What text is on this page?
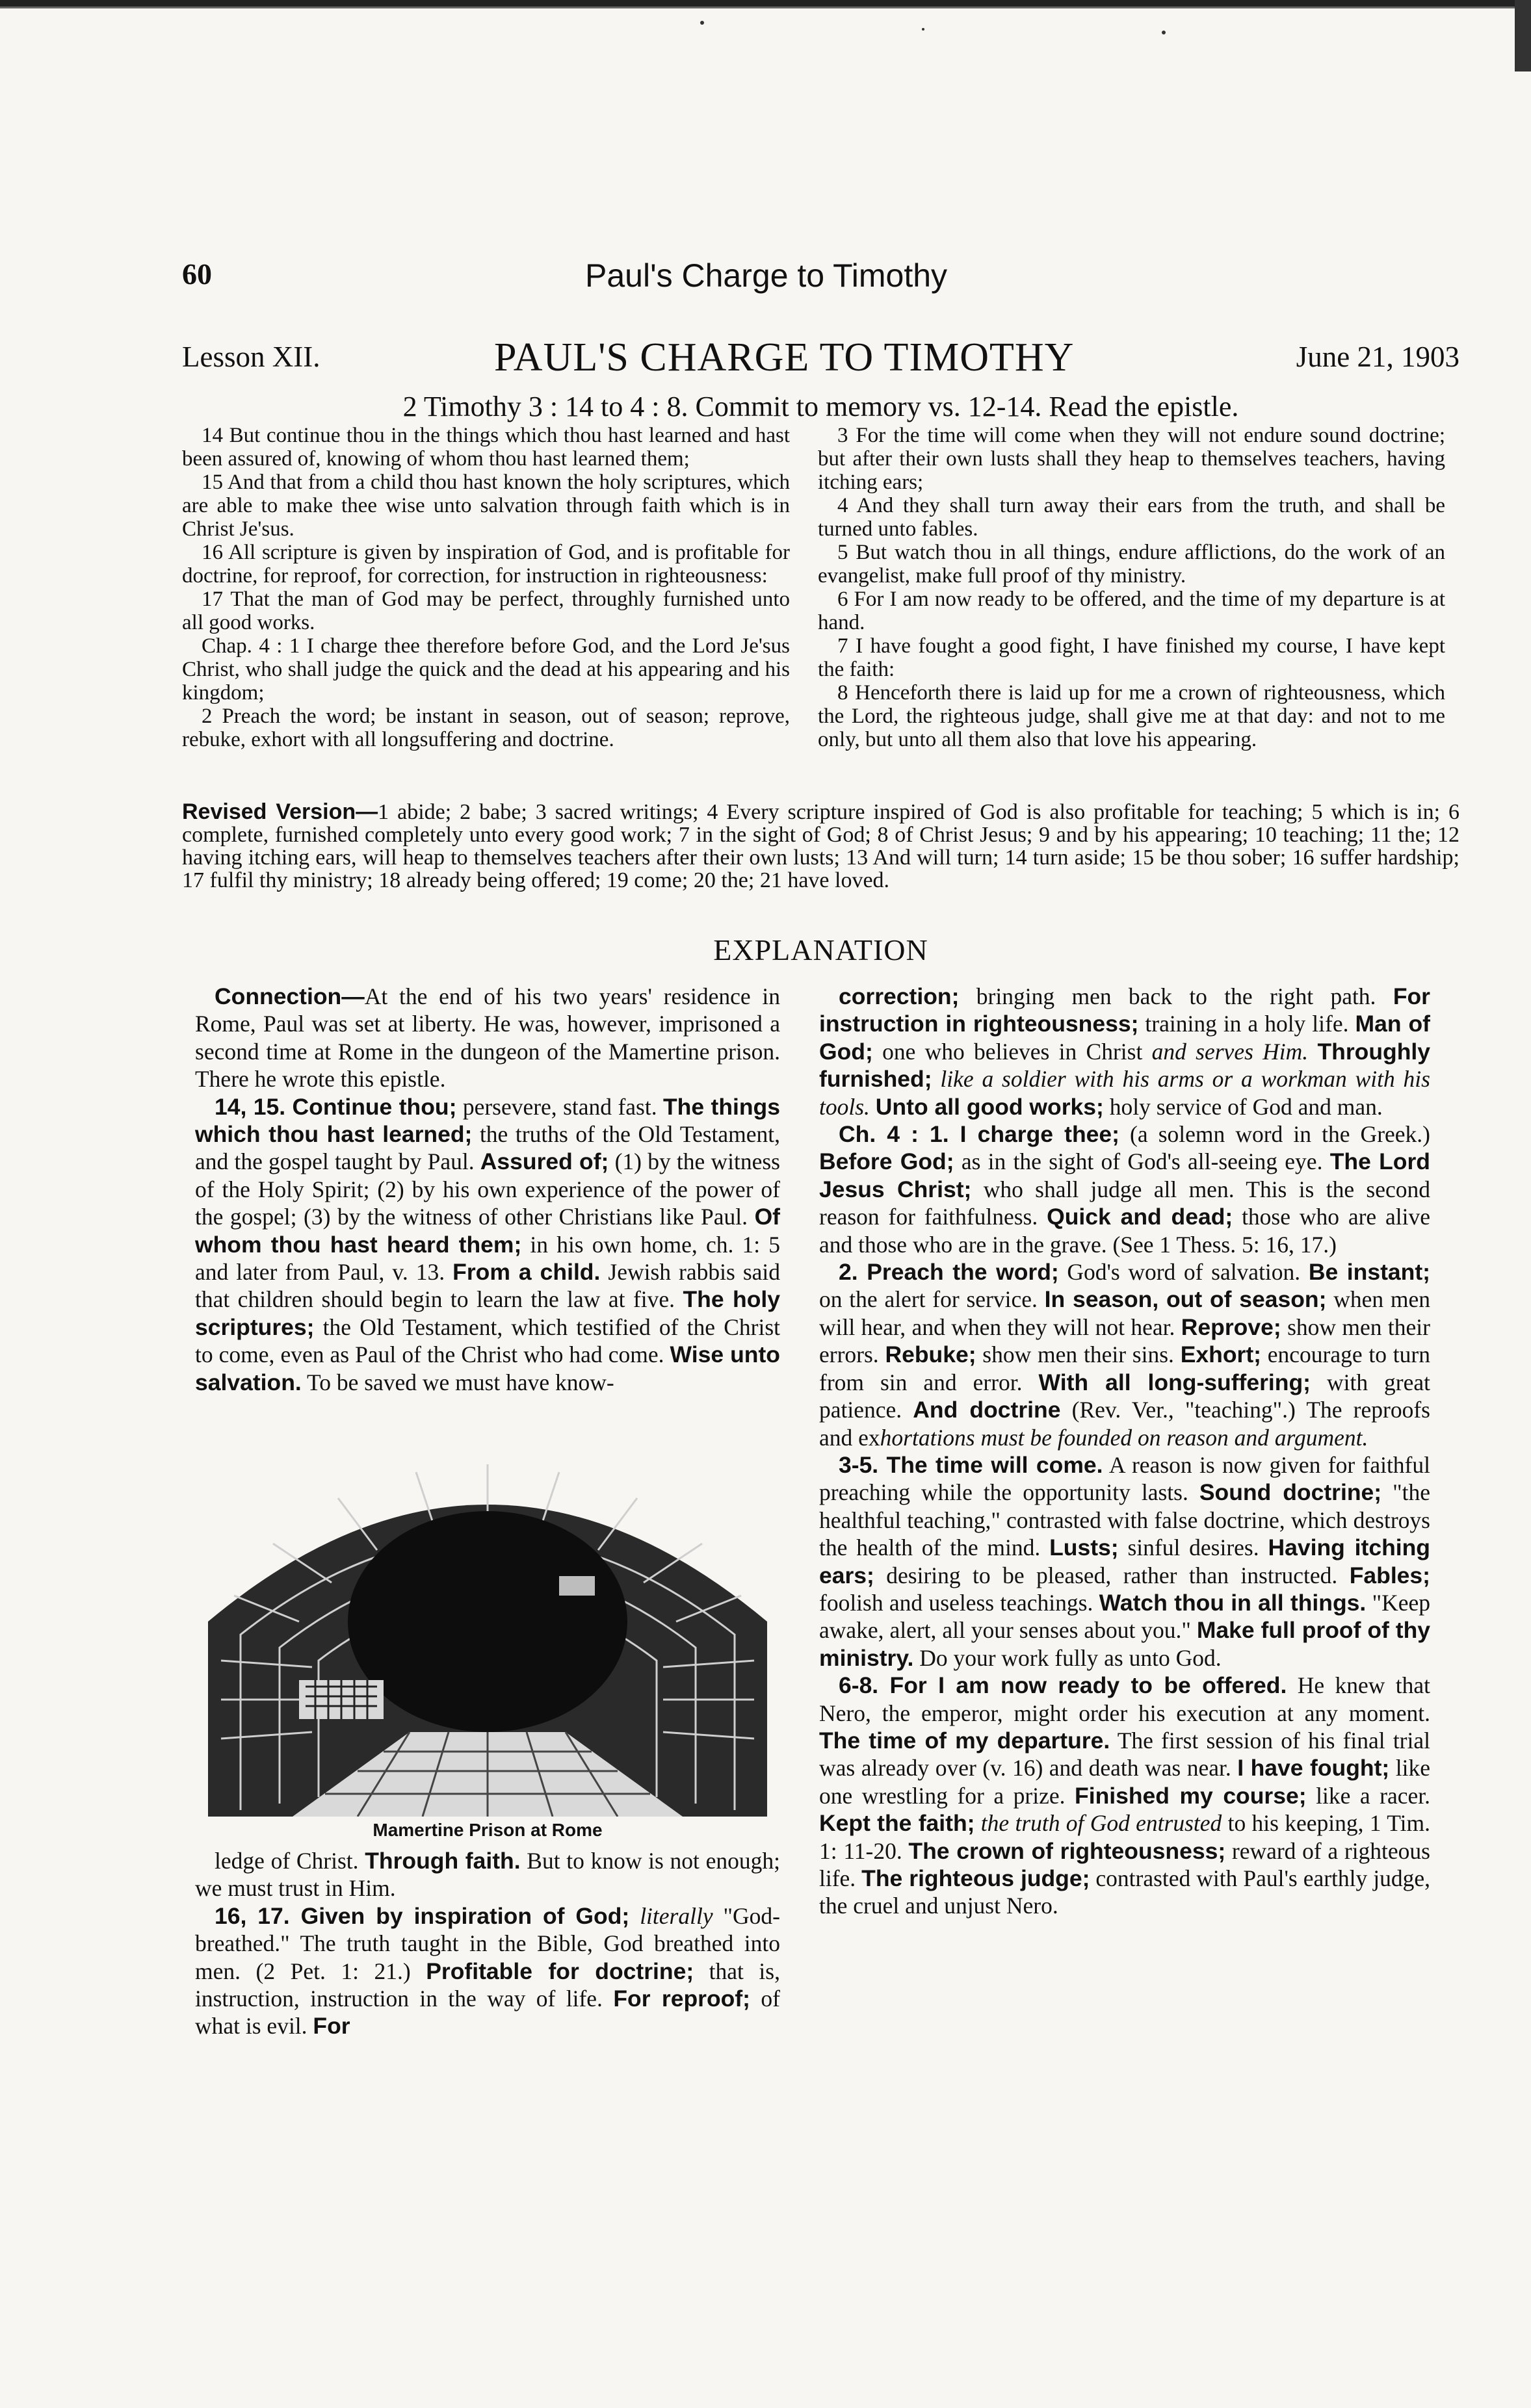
60	Paul's Charge to Timothy
Lesson XII.	PAUL'S CHARGE TO TIMOTHY	June 21, 1903
2 Timothy 3 : 14 to 4 : 8. Commit to memory vs. 12-14. Read the epistle.

14 But continue thou in the things which thou hast learned and hast been assured of, knowing of whom thou hast learned them;

15 And that from a child thou hast known the holy scriptures, which are able to make thee wise unto salvation through faith which is in Christ Je'sus.

16 All scripture is given by inspiration of God, and is profitable for doctrine, for reproof, for correction, for instruction in righteousness:

17 That the man of God may be perfect, throughly furnished unto all good works.

Chap. 4 : 1 I charge thee therefore before God, and the Lord Je'sus Christ, who shall judge the quick and the dead at his appearing and his kingdom;

2 Preach the word; be instant in season, out of season; reprove, rebuke, exhort with all longsuffering and doctrine.

3 For the time will come when they will not endure sound doctrine; but after their own lusts shall they heap to themselves teachers, having itching ears;

4 And they shall turn away their ears from the truth, and shall be turned unto fables.

5 But watch thou in all things, endure afflictions, do the work of an evangelist, make full proof of thy ministry.

6 For I am now ready to be offered, and the time of my departure is at hand.

7 I have fought a good fight, I have finished my course, I have kept the faith:

8 Henceforth there is laid up for me a crown of righteousness, which the Lord, the righteous judge, shall give me at that day: and not to me only, but unto all them also that love his appearing.

Revised Version—1 abide; 2 babe; 3 sacred writings; 4 Every scripture inspired of God is also profitable for teaching; 5 which is in; 6 complete, furnished completely unto every good work; 7 in the sight of God; 8 of Christ Jesus; 9 and by his appearing; 10 teaching; 11 the; 12 having itching ears, will heap to themselves teachers after their own lusts; 13 And will turn; 14 turn aside; 15 be thou sober; 16 suffer hardship; 17 fulfil thy ministry; 18 already being offered; 19 come; 20 the; 21 have loved.
EXPLANATION

Connection—At the end of his two years' residence in Rome, Paul was set at liberty. He was, however, imprisoned a second time at Rome in the dungeon of the Mamertine prison. There he wrote this epistle.

14, 15. Continue thou; persevere, stand fast. The things which thou hast learned; the truths of the Old Testament, and the gospel taught by Paul. Assured of; (1) by the witness of the Holy Spirit; (2) by his own experience of the power of the gospel; (3) by the witness of other Christians like Paul. Of whom thou hast heard them; in his own home, ch. 1: 5 and later from Paul, v. 13. From a child. Jewish rabbis said that children should begin to learn the law at five. The holy scriptures; the Old Testament, which testified of the Christ to come, even as Paul of the Christ who had come. Wise unto salvation. To be saved we must have know-

Mamertine Prison at Rome

ledge of Christ. Through faith. But to know is not enough; we must trust in Him.

16, 17. Given by inspiration of God; literally "God-breathed." The truth taught in the Bible, God breathed into men. (2 Pet. 1: 21.) Profitable for doctrine; that is, instruction, instruction in the way of life. For reproof; of what is evil. For

correction; bringing men back to the right path. For instruction in righteousness; training in a holy life. Man of God; one who believes in Christ and serves Him. Throughly furnished; like a soldier with his arms or a workman with his tools. Unto all good works; holy service of God and man.

Ch. 4 : 1. I charge thee; (a solemn word in the Greek.) Before God; as in the sight of God's all-seeing eye. The Lord Jesus Christ; who shall judge all men. This is the second reason for faithfulness. Quick and dead; those who are alive and those who are in the grave. (See 1 Thess. 5: 16, 17.)

2. Preach the word; God's word of salvation. Be instant; on the alert for service. In season, out of season; when men will hear, and when they will not hear. Reprove; show men their errors. Rebuke; show men their sins. Exhort; encourage to turn from sin and error. With all long-suffering; with great patience. And doctrine (Rev. Ver., "teaching".) The reproofs and exhortations must be founded on reason and argument.

3-5. The time will come. A reason is now given for faithful preaching while the opportunity lasts. Sound doctrine; "the healthful teaching," contrasted with false doctrine, which destroys the health of the mind. Lusts; sinful desires. Having itching ears; desiring to be pleased, rather than instructed. Fables; foolish and useless teachings. Watch thou in all things. "Keep awake, alert, all your senses about you." Make full proof of thy ministry. Do your work fully as unto God.

6-8. For I am now ready to be offered. He knew that Nero, the emperor, might order his execution at any moment. The time of my departure. The first session of his final trial was already over (v. 16) and death was near. I have fought; like one wrestling for a prize. Finished my course; like a racer. Kept the faith; the truth of God entrusted to his keeping, 1 Tim. 1: 11-20. The crown of righteousness; reward of a righteous life. The righteous judge; contrasted with Paul's earthly judge, the cruel and unjust Nero.
